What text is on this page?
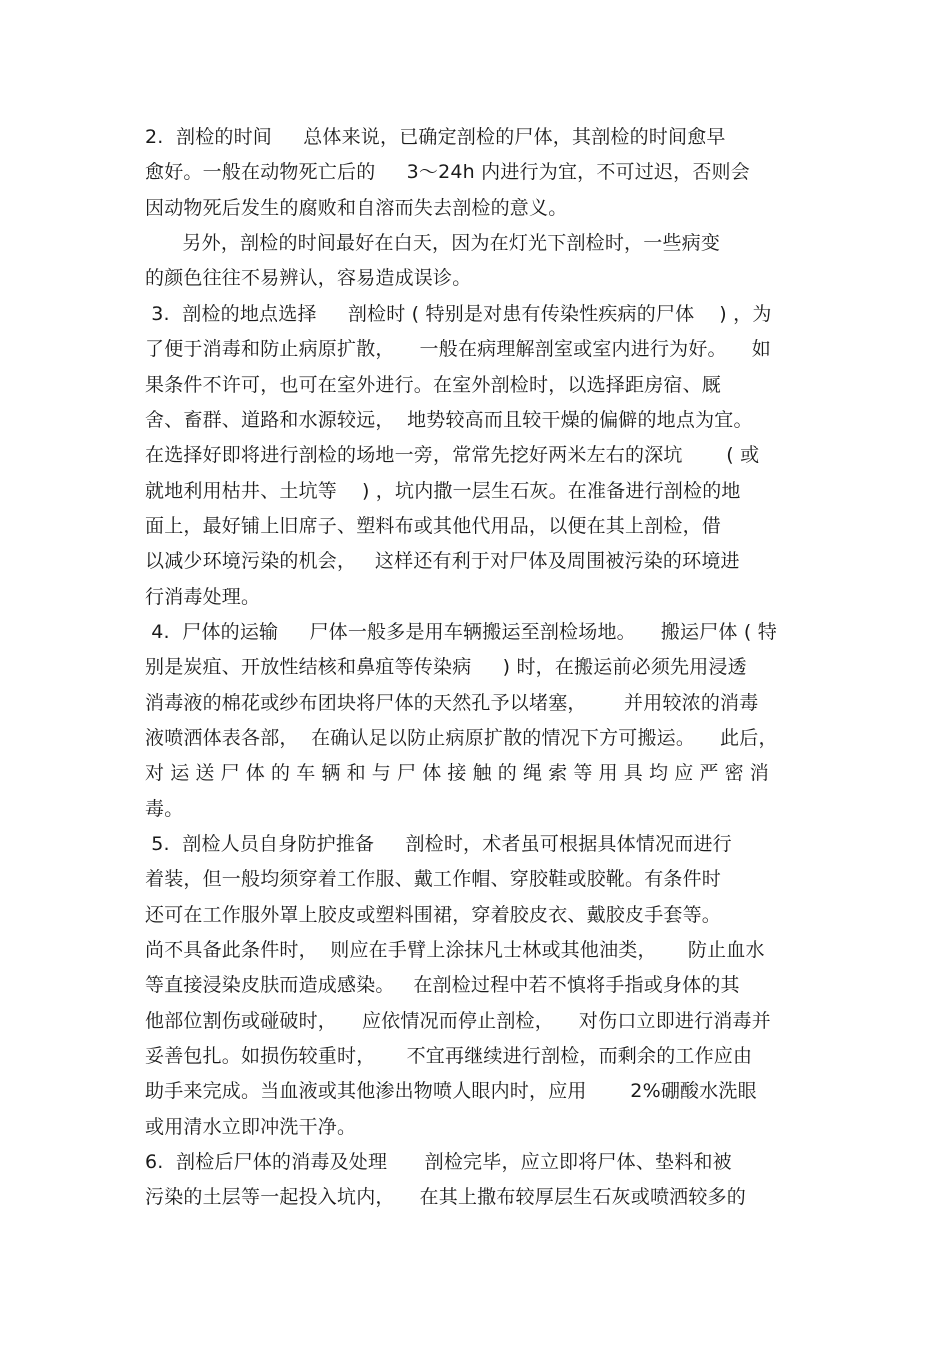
2.  剖检的时间     总体来说，已确定剖检的尸体，其剖检的时间愈早
愈好。一般在动物死亡后的     3～24h 内进行为宜，不可过迟，否则会
因动物死后发生的腐败和自溶而失去剖检的意义。
另外，剖检的时间最好在白天，因为在灯光下剖检时，一些病变
的颜色往往不易辨认，容易造成误诊。
3.  剖检的地点选择     剖检时 ( 特别是对患有传染性疾病的尸体    ) ，为
了便于消毒和防止病原扩散，    一般在病理解剖室或室内进行为好。    如
果条件不许可，也可在室外进行。在室外剖检时，以选择距房宿、厩
舍、畜群、道路和水源较远，  地势较高而且较干燥的偏僻的地点为宜。
在选择好即将进行剖检的场地一旁，常常先挖好两米左右的深坑       ( 或
就地利用枯井、土坑等    ) ，坑内撒一层生石灰。在准备进行剖检的地
面上，最好铺上旧席子、塑料布或其他代用品，以便在其上剖检，借
以减少环境污染的机会，   这样还有利于对尸体及周围被污染的环境进
行消毒处理。
4.  尸体的运输     尸体一般多是用车辆搬运至剖检场地。    搬运尸体 ( 特
别是炭疽、开放性结核和鼻疽等传染病     ) 时，在搬运前必须先用浸透
消毒液的棉花或纱布团块将尸体的天然孔予以堵塞，      并用较浓的消毒
液喷洒体表各部，  在确认足以防止病原扩散的情况下方可搬运。    此后，
对运送尸体的车辆和与尸体接触的绳索等用具均应严密消
毒。
5.  剖检人员自身防护推备     剖检时，术者虽可根据具体情况而进行
着装，但一般均须穿着工作服、戴工作帽、穿胶鞋或胶靴。有条件时
还可在工作服外罩上胶皮或塑料围裙，穿着胶皮衣、戴胶皮手套等。
尚不具备此条件时，  则应在手臂上涂抹凡士林或其他油类，     防止血水
等直接浸染皮肤而造成感染。   在剖检过程中若不慎将手指或身体的其
他部位割伤或碰破时，    应依情况而停止剖检，    对伤口立即进行消毒并
妥善包扎。如损伤较重时，     不宜再继续进行剖检，而剩余的工作应由
助手来完成。当血液或其他渗出物喷人眼内时，应用       2%硼酸水洗眼
或用清水立即冲洗干净。
6.  剖检后尸体的消毒及处理      剖检完毕，应立即将尸体、垫料和被
污染的土层等一起投入坑内，    在其上撒布较厚层生石灰或喷洒较多的
